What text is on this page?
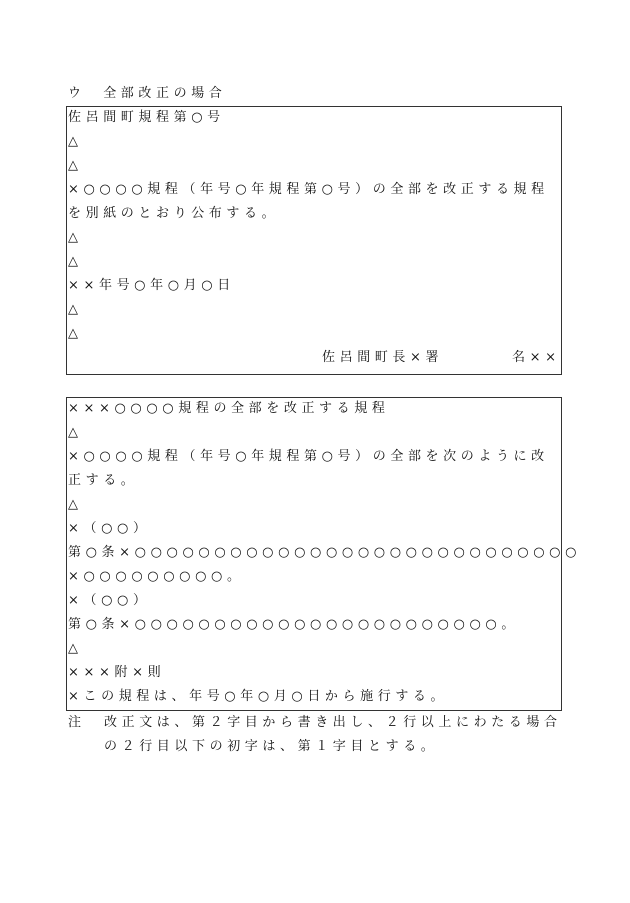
ウ　全部改正の場合
佐呂間町規程第○号
△
△
×○○○○規程（年号○年規程第○号）の全部を改正する規程
を別紙のとおり公布する。
△
△
××年号○年○月○日
△
△
佐呂間町長×署	名××
×××○○○○規程の全部を改正する規程
△
×○○○○規程（年号○年規程第○号）の全部を次のように改
正する。
△
×（○○）
第○条×○○○○○○○○○○○○○○○○○○○○○○○○○○○○
×○○○○○○○○○。
×（○○）
第○条×○○○○○○○○○○○○○○○○○○○○○○○。
△
×××附×則
×この規程は、年号○年○月○日から施行する。
注 改正文は、第２字目から書き出し、２行以上にわたる場合
の２行目以下の初字は、第１字目とする。
